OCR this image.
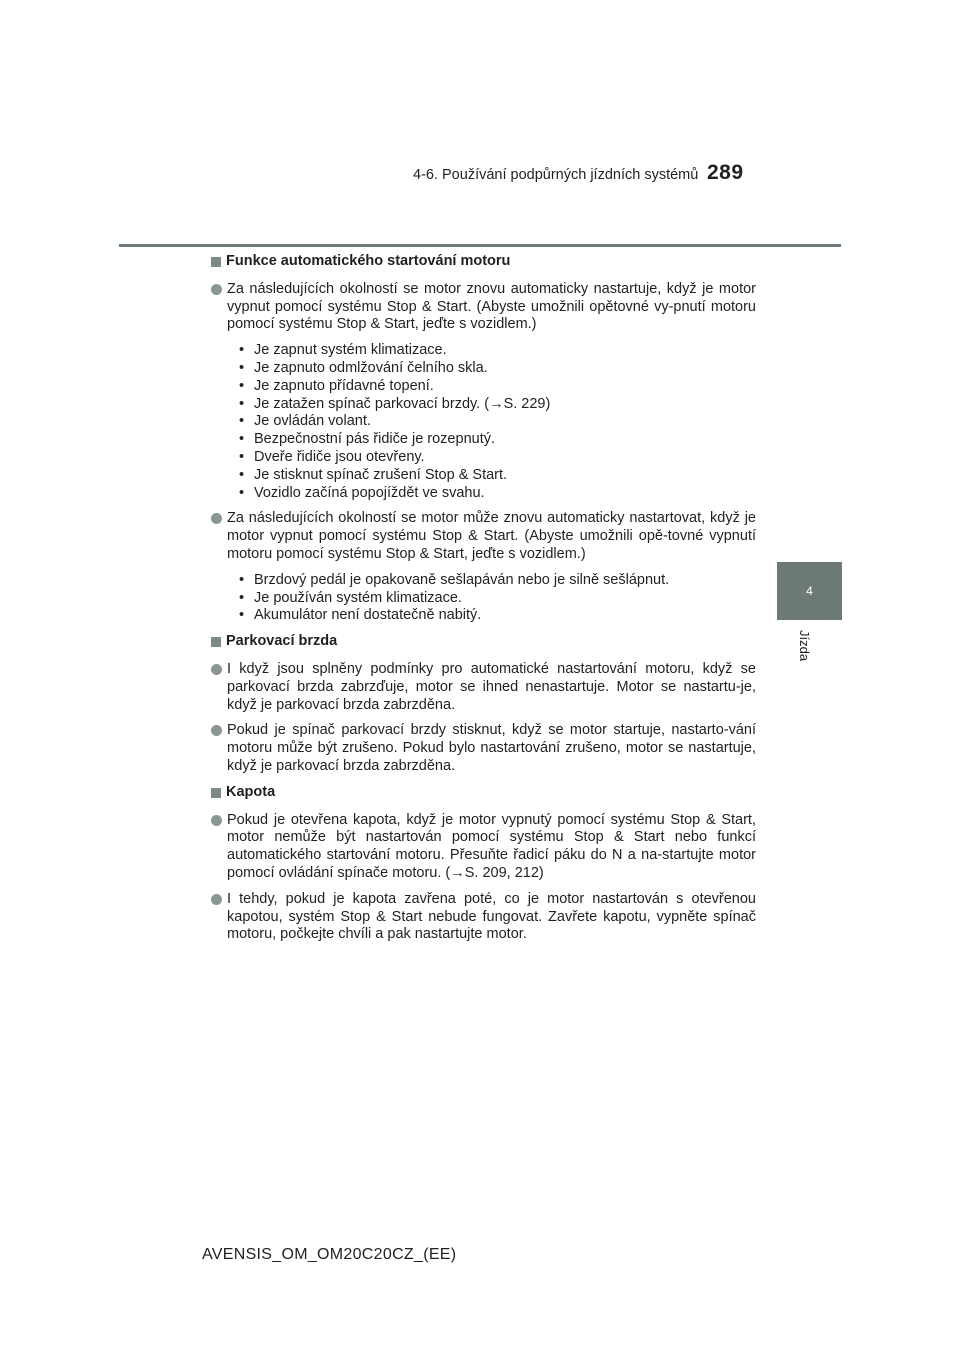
4-6. Používání podpůrných jízdních systémů 289
4
Jízda
Funkce automatického startování motoru
Za následujících okolností se motor znovu automaticky nastartuje, když je motor vypnut pomocí systému Stop & Start. (Abyste umožnili opětovné vy-pnutí motoru pomocí systému Stop & Start, jeďte s vozidlem.)
• Je zapnut systém klimatizace.
• Je zapnuto odmlžování čelního skla.
• Je zapnuto přídavné topení.
• Je zatažen spínač parkovací brzdy. (→S. 229)
• Je ovládán volant.
• Bezpečnostní pás řidiče je rozepnutý.
• Dveře řidiče jsou otevřeny.
• Je stisknut spínač zrušení Stop & Start.
• Vozidlo začíná popojíždět ve svahu.
Za následujících okolností se motor může znovu automaticky nastartovat, když je motor vypnut pomocí systému Stop & Start. (Abyste umožnili opě-tovné vypnutí motoru pomocí systému Stop & Start, jeďte s vozidlem.)
• Brzdový pedál je opakovaně sešlapáván nebo je silně sešlápnut.
• Je používán systém klimatizace.
• Akumulátor není dostatečně nabitý.
Parkovací brzda
I když jsou splněny podmínky pro automatické nastartování motoru, když se parkovací brzda zabrzďuje, motor se ihned nenastartuje. Motor se nastartu-je, když je parkovací brzda zabrzděna.
Pokud je spínač parkovací brzdy stisknut, když se motor startuje, nastarto-vání motoru může být zrušeno. Pokud bylo nastartování zrušeno, motor se nastartuje, když je parkovací brzda zabrzděna.
Kapota
Pokud je otevřena kapota, když je motor vypnutý pomocí systému Stop & Start, motor nemůže být nastartován pomocí systému Stop & Start nebo funkcí automatického startování motoru. Přesuňte řadicí páku do N a na-startujte motor pomocí ovládání spínače motoru. (→S. 209, 212)
I tehdy, pokud je kapota zavřena poté, co je motor nastartován s otevřenou kapotou, systém Stop & Start nebude fungovat. Zavřete kapotu, vypněte spínač motoru, počkejte chvíli a pak nastartujte motor.
AVENSIS_OM_OM20C20CZ_(EE)
